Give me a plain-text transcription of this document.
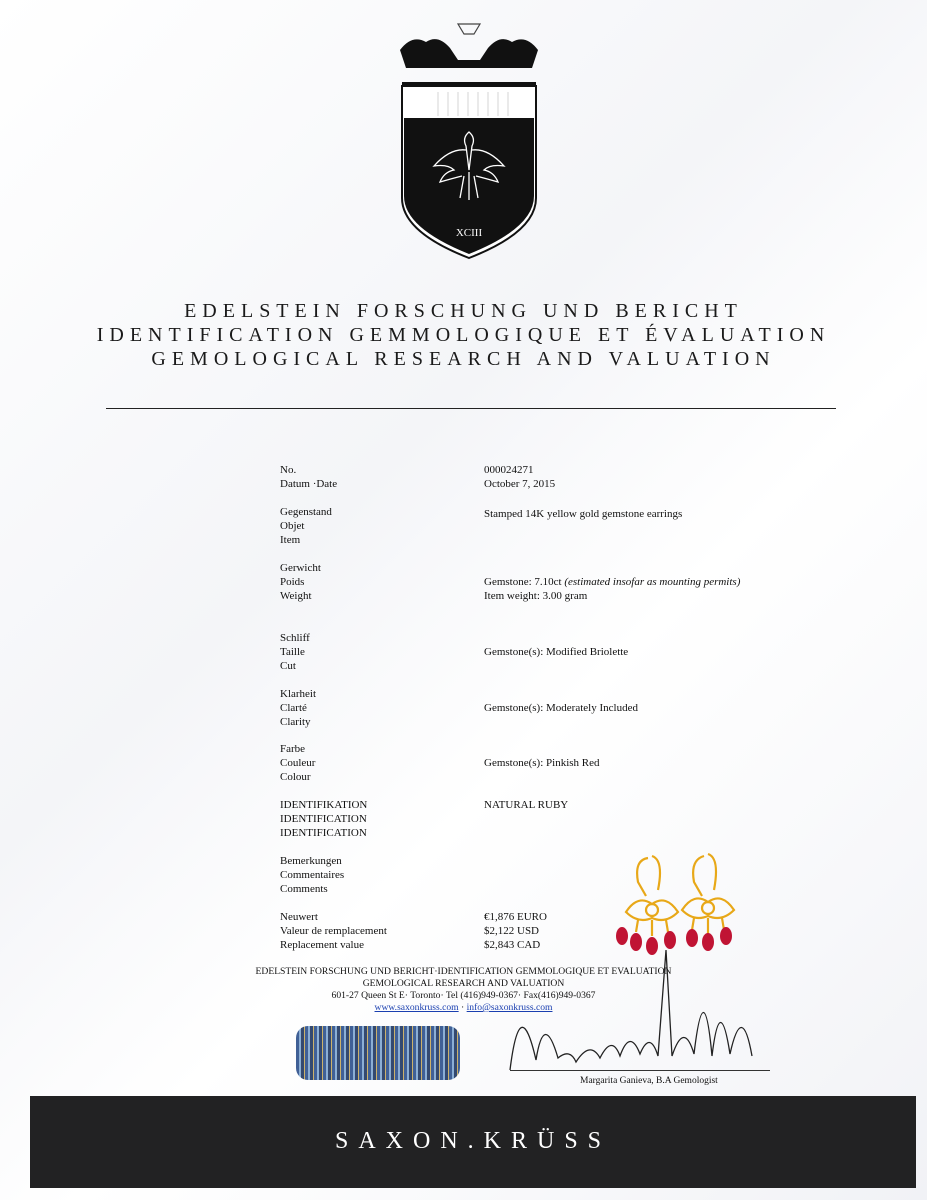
XCIII
EDELSTEIN FORSCHUNG UND BERICHT
IDENTIFICATION GEMMOLOGIQUE ET ÉVALUATION
GEMOLOGICAL RESEARCH AND VALUATION
No.	000024271
Datum ·Date	October 7, 2015
Gegenstand
Objet
Item
Stamped 14K yellow gold gemstone earrings
Gerwicht
Poids
Weight
Gemstone: 7.10ct (estimated insofar as mounting permits)
Item weight: 3.00 gram
Schliff
Taille
Cut
Gemstone(s): Modified Briolette
Klarheit
Clarté
Clarity
Gemstone(s): Moderately Included
Farbe
Couleur
Colour
Gemstone(s): Pinkish Red
IDENTIFIKATION
IDENTIFICATION
IDENTIFICATION
NATURAL RUBY
Bemerkungen
Commentaires
Comments
Neuwert
Valeur de remplacement
Replacement value
€1,876 EURO
$2,122 USD
$2,843 CAD
EDELSTEIN FORSCHUNG UND BERICHT·IDENTIFICATION GEMMOLOGIQUE ET EVALUATION
GEMOLOGICAL RESEARCH AND VALUATION
601-27 Queen St E· Toronto· Tel (416)949-0367· Fax(416)949-0367
www.saxonkruss.com · info@saxonkruss.com
Margarita Ganieva, B.A Gemologist
SAXON.KRÜSS
